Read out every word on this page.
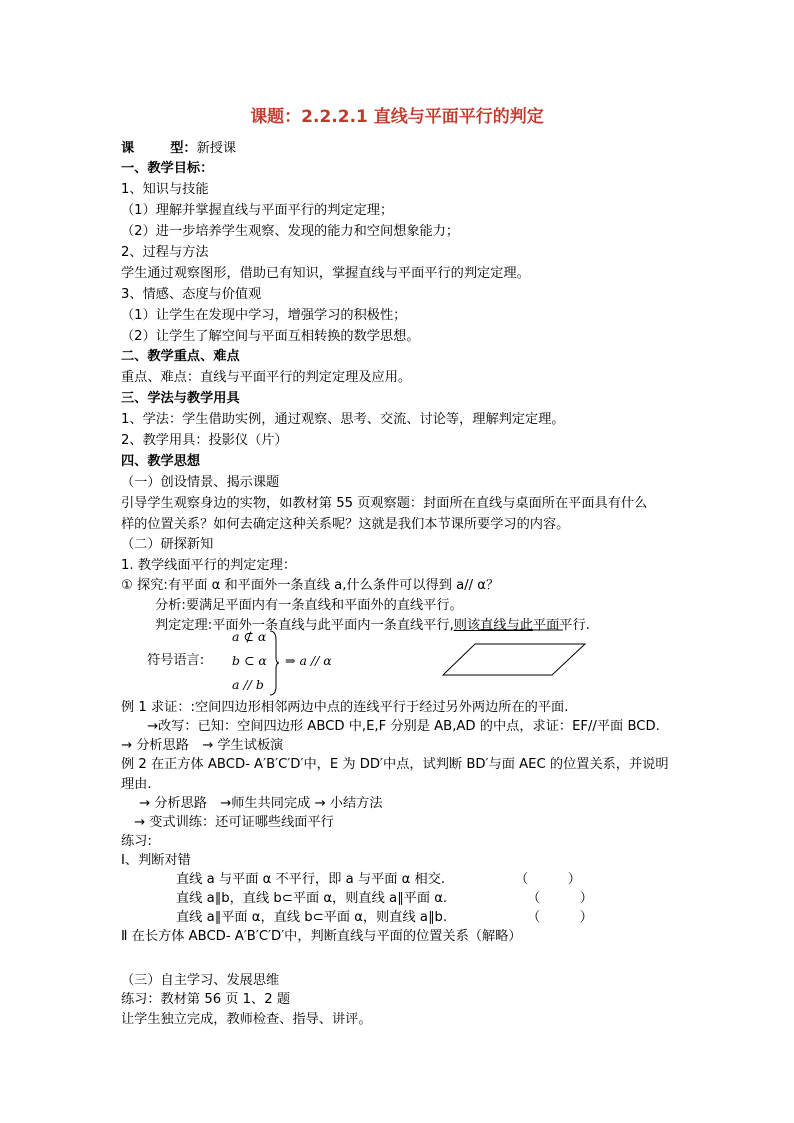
课题：2.2.2.1 直线与平面平行的判定
课	型：新授课
一、教学目标：
1、知识与技能
（1）理解并掌握直线与平面平行的判定定理；
（2）进一步培养学生观察、发现的能力和空间想象能力；
2、过程与方法
学生通过观察图形，借助已有知识，掌握直线与平面平行的判定定理。
3、情感、态度与价值观
（1）让学生在发现中学习，增强学习的积极性；
（2）让学生了解空间与平面互相转换的数学思想。
二、教学重点、难点
重点、难点：直线与平面平行的判定定理及应用。
三、学法与教学用具
1、学法：学生借助实例，通过观察、思考、交流、讨论等，理解判定定理。
2、教学用具：投影仪（片）
四、教学思想
（一）创设情景、揭示课题
引导学生观察身边的实物，如教材第 55 页观察题：封面所在直线与桌面所在平面具有什么
样的位置关系？如何去确定这种关系呢？这就是我们本节课所要学习的内容。
（二）研探新知
1. 教学线面平行的判定定理：
① 探究:有平面 α 和平面外一条直线 a,什么条件可以得到 a// α？
分析:要满足平面内有一条直线和平面外的直线平行。
判定定理:平面外一条直线与此平面内一条直线平行,则该直线与此平面平行.
符号语言:
a ⊄ α
b ⊂ α
a // b
⇒ a // α
例 1 求证：:空间四边形相邻两边中点的连线平行于经过另外两边所在的平面.
→改写：已知：空间四边形 ABCD 中,E,F 分别是 AB,AD 的中点，求证：EF//平面 BCD.
→ 分析思路　→ 学生试板演
例 2 在正方体 ABCD- A′B′C′D′中，E 为 DD′中点，试判断 BD′与面 AEC 的位置关系，并说明
理由.
→ 分析思路　→师生共同完成 → 小结方法
→ 变式训练：还可证哪些线面平行
练习:
Ⅰ、判断对错
直线 a 与平面 α 不平行，即 a 与平面 α 相交.	（　　　）
直线 a∥b，直线 b⊂平面 α，则直线 a∥平面 α.	（　　　）
直线 a∥平面 α，直线 b⊂平面 α，则直线 a∥b.	（　　　）
Ⅱ 在长方体 ABCD- A′B′C′D′中，判断直线与平面的位置关系（解略）
（三）自主学习、发展思维
练习：教材第 56 页 1、2 题
让学生独立完成，教师检查、指导、讲评。
